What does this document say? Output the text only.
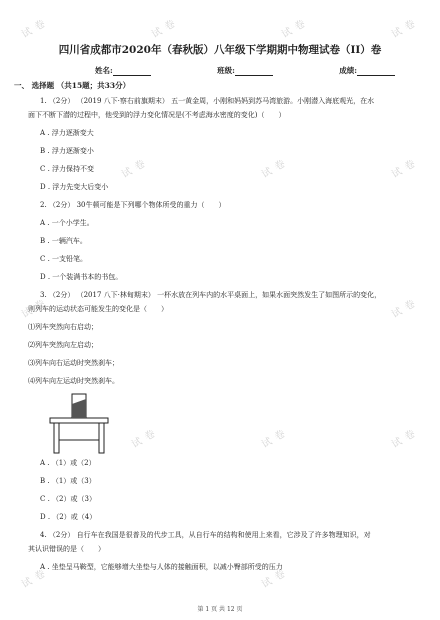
试 卷	试 卷	试 卷	试 卷
试 卷	试 卷	试 卷
试 卷	试 卷
试 卷	试 卷	试 卷
试 卷	试 卷
四川省成都市2020年（春秋版）八年级下学期期中物理试卷（II）卷
姓名:	班级:	成绩:
一、 选择题 （共15题；共33分）
1. （2分） （2019 八下·察右前旗期末） 五一黄金周，小刚和妈妈到苏马湾旅游。小刚潜入海底观光，在水
面下不断下潜的过程中，他受到的浮力变化情况是(不考虑海水密度的变化)（　　）
A . 浮力逐渐变大
B . 浮力逐渐变小
C . 浮力保持不变
D . 浮力先变大后变小
2. （2分） 30牛顿可能是下列哪个物体所受的重力（　　）
A . 一个小学生。
B . 一辆汽车。
C . 一支铅笔。
D . 一个装满书本的书包。
3. （2分） （2017 八下·林甸期末） 一杯水放在列车内的水平桌面上，如果水面突然发生了如图所示的变化，
则列车的运动状态可能发生的变化是（　　）
⑴列车突然向右启动；
⑵列车突然向左启动；
⑶列车向右运动时突然刹车；
⑷列车向左运动时突然刹车。
A . （1）或（2）
B . （1）或（3）
C . （2）或（3）
D . （2）或（4）
4. （2分） 自行车在我国是很普及的代步工具，从自行车的结构和使用上来看，它涉及了许多物理知识，对
其认识错误的是（　　）
A . 坐垫呈马鞍型，它能够增大坐垫与人体的接触面积，以减小臀部所受的压力
第 1 页 共 12 页
